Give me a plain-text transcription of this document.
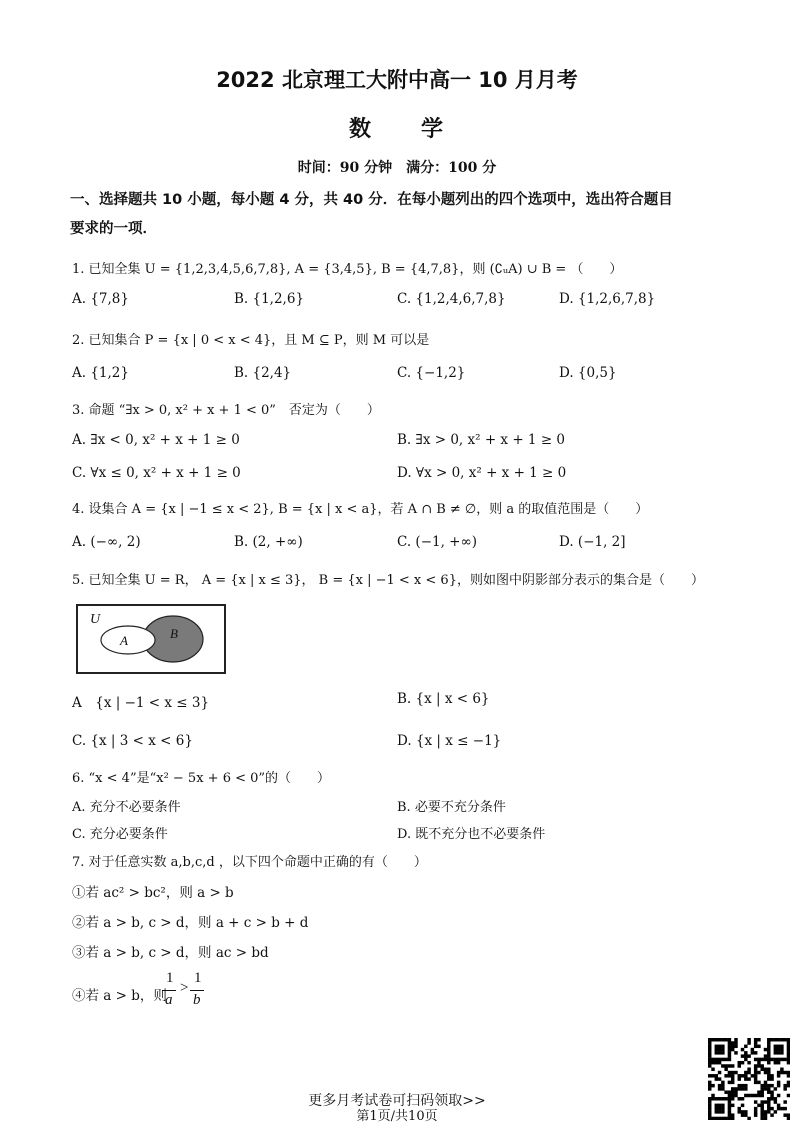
2022 北京理工大附中高一 10 月月考
数　　学
时间：90 分钟　满分：100 分
一、选择题共 10 小题，每小题 4 分，共 40 分．在每小题列出的四个选项中，选出符合题目
要求的一项．
1. 已知全集 U = {1,2,3,4,5,6,7,8}, A = {3,4,5}, B = {4,7,8}，则 (∁ᵤA) ∪ B = （　　）
A. {7,8}	B. {1,2,6}	C. {1,2,4,6,7,8}	D. {1,2,6,7,8}
2. 已知集合 P = {x | 0 < x < 4}，且 M ⊆ P，则 M 可以是
A. {1,2}	B. {2,4}	C. {−1,2}	D. {0,5}
3. 命题 “∃x > 0, x² + x + 1 < 0”　否定为（　　）
A. ∃x < 0, x² + x + 1 ≥ 0	B. ∃x > 0, x² + x + 1 ≥ 0
C. ∀x ≤ 0, x² + x + 1 ≥ 0	D. ∀x > 0, x² + x + 1 ≥ 0
4. 设集合 A = {x | −1 ≤ x < 2}, B = {x | x < a}，若 A ∩ B ≠ ∅，则 a 的取值范围是（　　）
A. (−∞, 2)	B. (2, +∞)	C. (−1, +∞)	D. (−1, 2]
5. 已知全集 U = R， A = {x | x ≤ 3}， B = {x | −1 < x < 6}，则如图中阴影部分表示的集合是（　　）
U
A	B
A　{x | −1 < x ≤ 3}	B. {x | x < 6}
C. {x | 3 < x < 6}	D. {x | x ≤ −1}
6. “x < 4”是“x² − 5x + 6 < 0”的（　　）
A. 充分不必要条件	B. 必要不充分条件
C. 充分必要条件	D. 既不充分也不必要条件
7. 对于任意实数 a,b,c,d ，以下四个命题中正确的有（　　）
①若 ac² > bc²，则 a > b
②若 a > b, c > d，则 a + c > b + d
③若 a > b, c > d，则 ac > bd
④若 a > b，则
1
a
>
1
b
更多月考试卷可扫码领取>>
第1页/共10页
